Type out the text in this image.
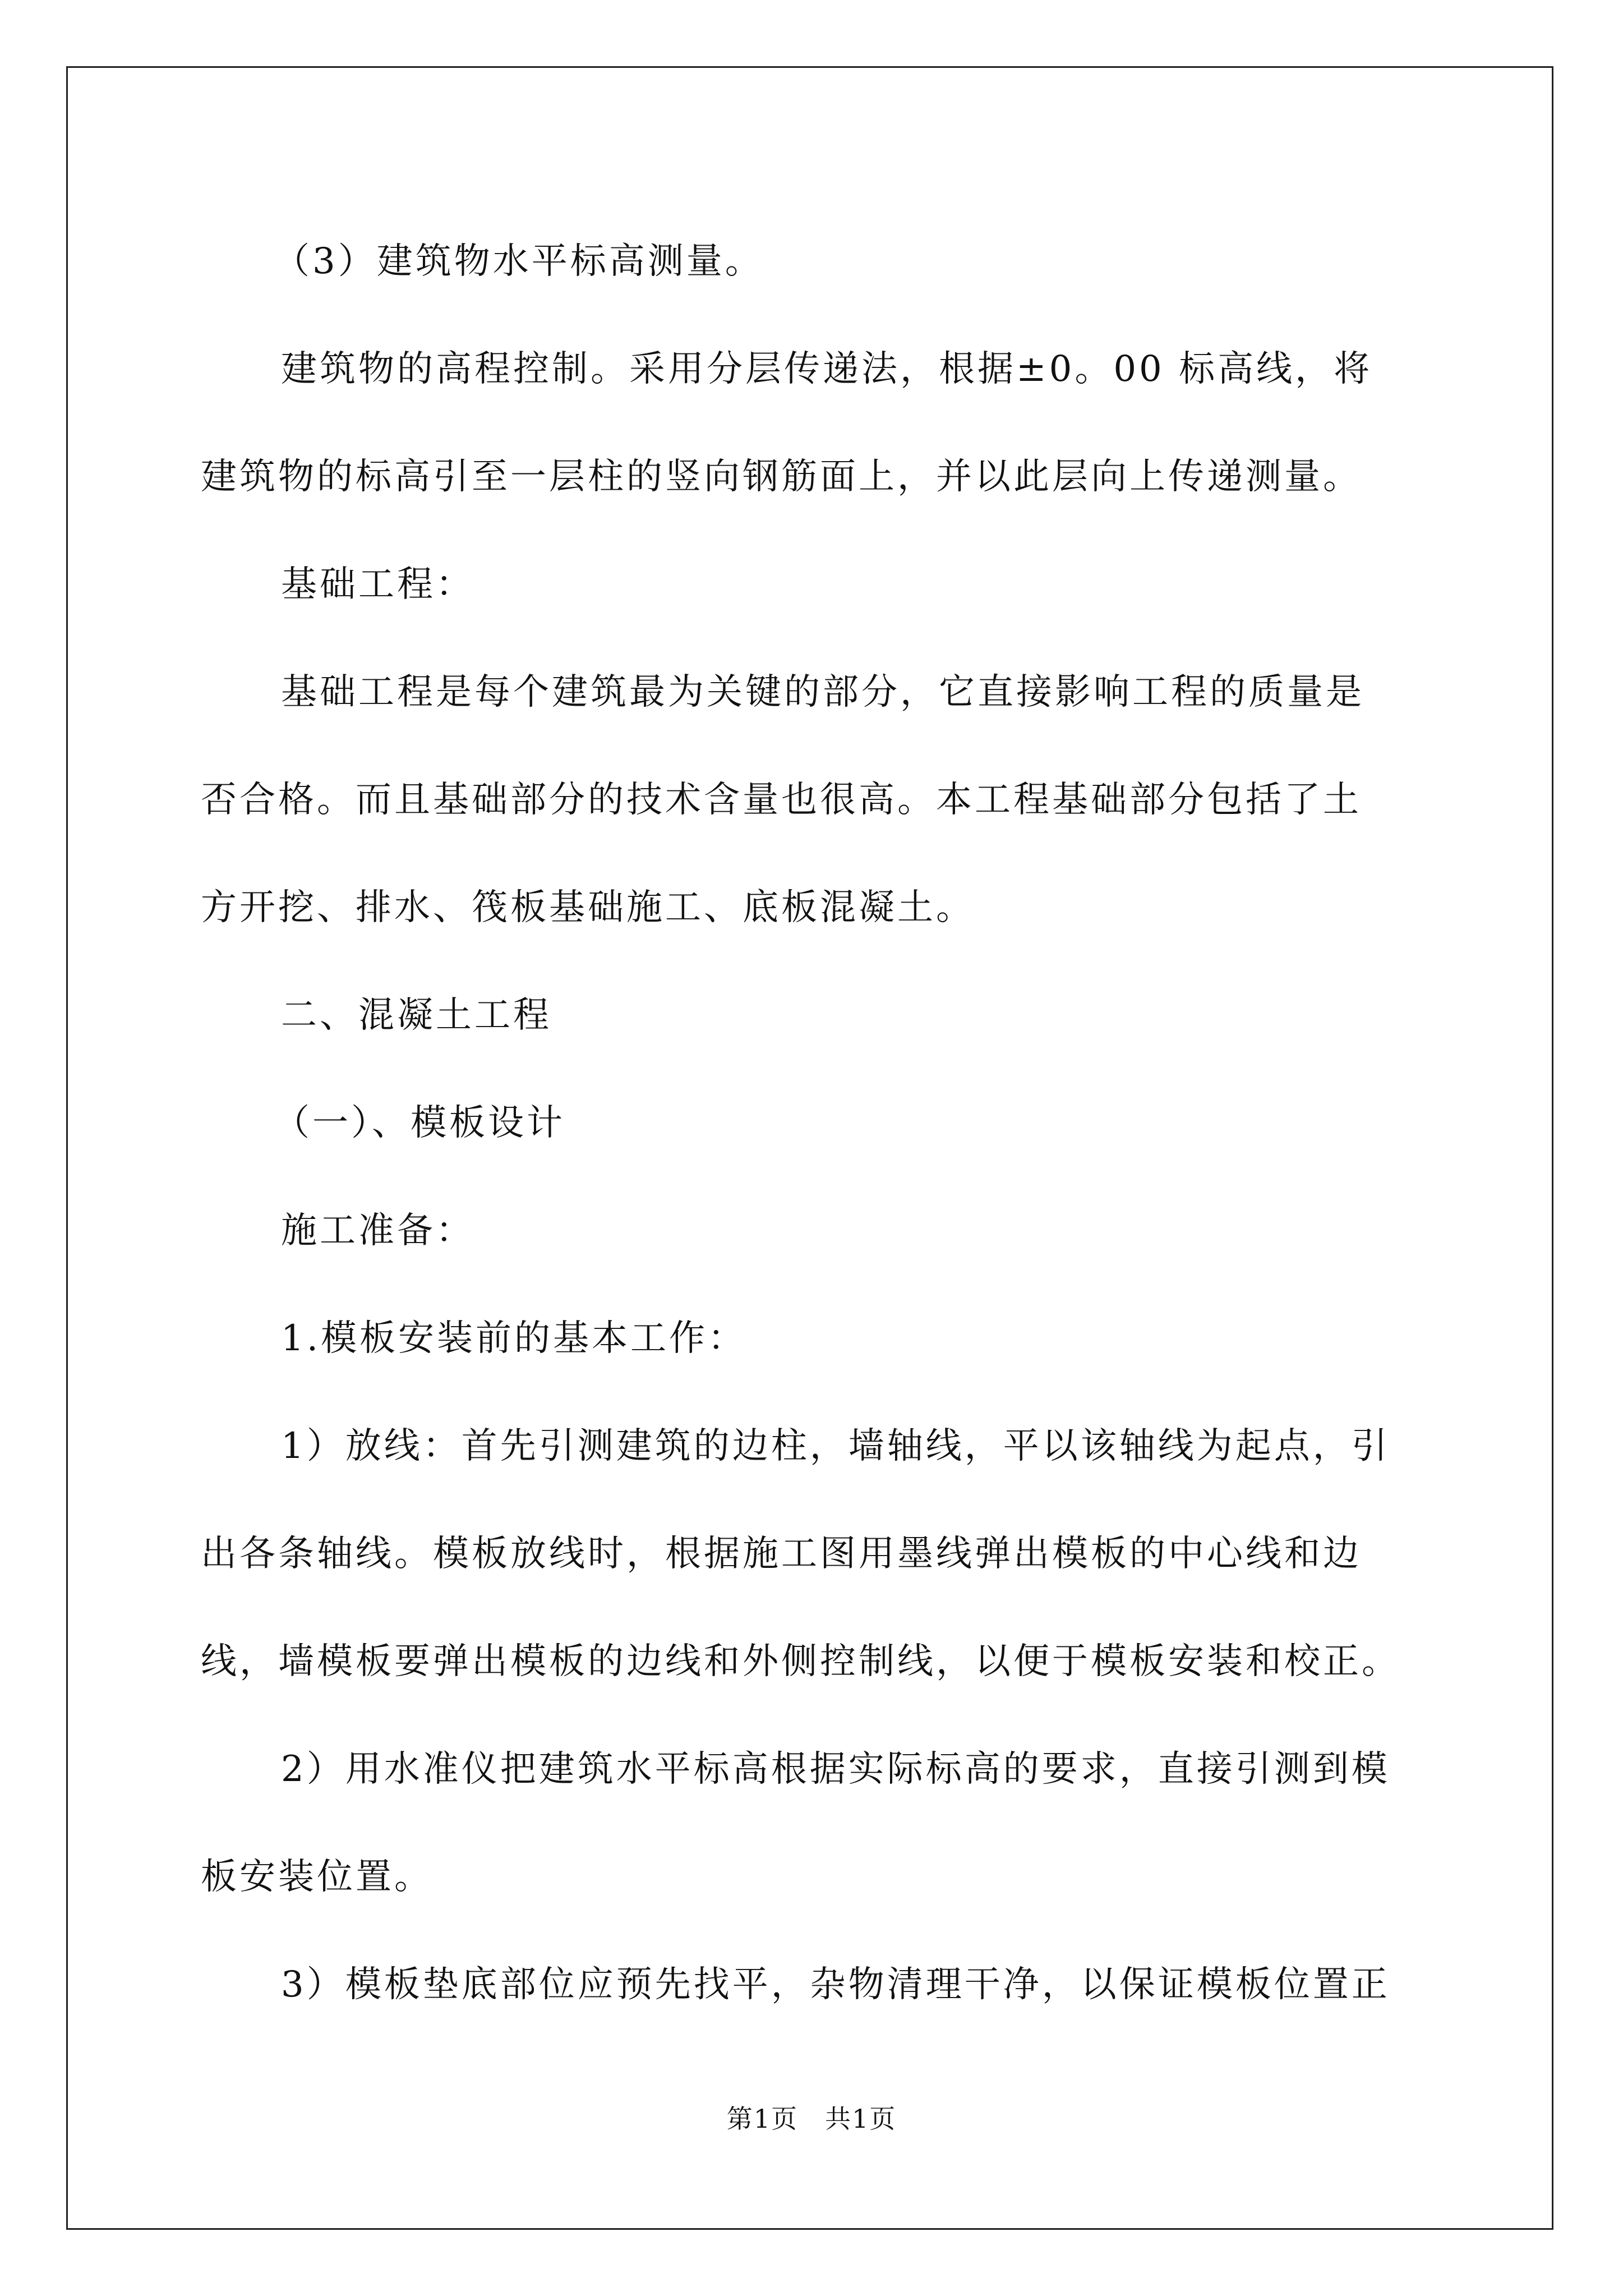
（3）建筑物水平标高测量。

建筑物的高程控制。采用分层传递法，根据±0。00 标高线，将

建筑物的标高引至一层柱的竖向钢筋面上，并以此层向上传递测量。

基础工程：

基础工程是每个建筑最为关键的部分，它直接影响工程的质量是

否合格。而且基础部分的技术含量也很高。本工程基础部分包括了土

方开挖、排水、筏板基础施工、底板混凝土。

二、混凝土工程

（一）、模板设计

施工准备：

1.模板安装前的基本工作：

1）放线：首先引测建筑的边柱，墙轴线，平以该轴线为起点，引

出各条轴线。模板放线时，根据施工图用墨线弹出模板的中心线和边

线，墙模板要弹出模板的边线和外侧控制线，以便于模板安装和校正。

2）用水准仪把建筑水平标高根据实际标高的要求，直接引测到模

板安装位置。

3）模板垫底部位应预先找平，杂物清理干净，以保证模板位置正

第1页　共1页
